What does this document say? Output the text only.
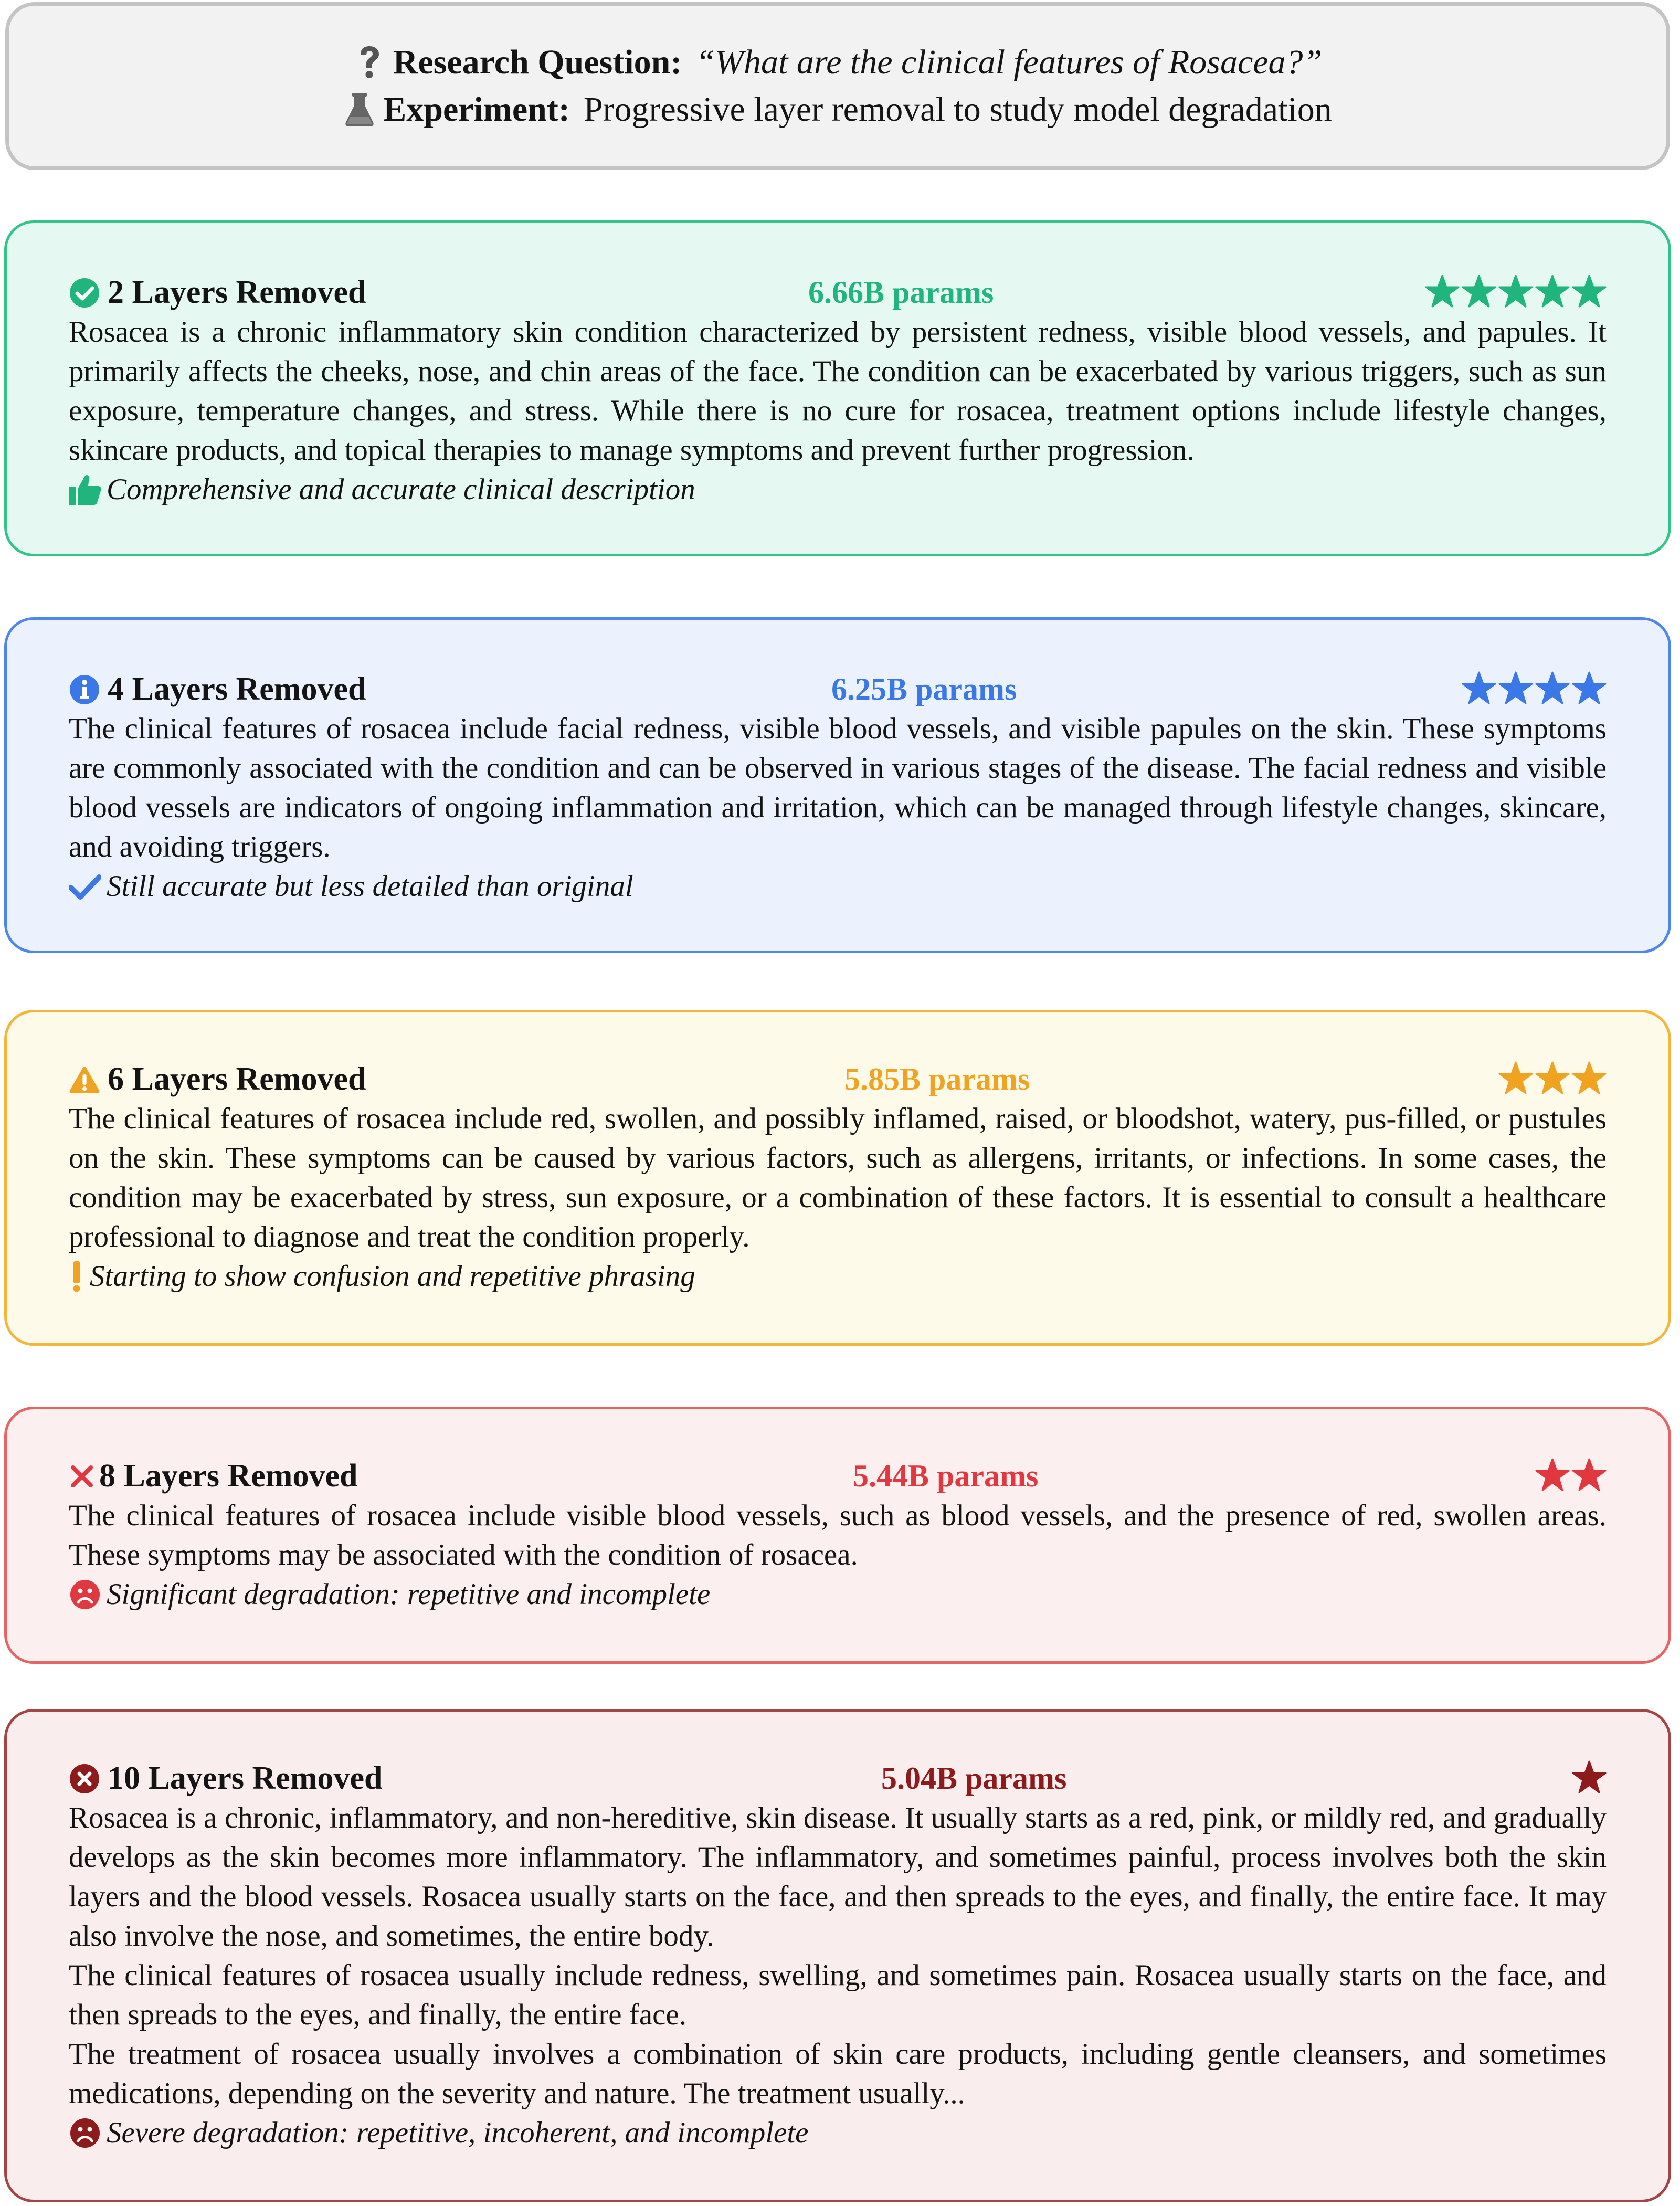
Research Question: “What are the clinical features of Rosacea?”
Experiment: Progressive layer removal to study model degradation
2 Layers Removed	6.66B params

Rosacea is a chronic inflammatory skin condition characterized by persistent redness, visible blood vessels, and papules. It primarily affects the cheeks, nose, and chin areas of the face. The condition can be exacerbated by various triggers, such as sun exposure, temperature changes, and stress. While there is no cure for rosacea, treatment options include lifestyle changes, skincare products, and topical therapies to manage symptoms and prevent further progression.

Comprehensive and accurate clinical description
4 Layers Removed	6.25B params

The clinical features of rosacea include facial redness, visible blood vessels, and visible papules on the skin. These symptoms are commonly associated with the condition and can be observed in various stages of the disease. The facial redness and visible blood vessels are indicators of ongoing inflammation and irritation, which can be managed through lifestyle changes, skincare, and avoiding triggers.

Still accurate but less detailed than original
6 Layers Removed	5.85B params

The clinical features of rosacea include red, swollen, and possibly inflamed, raised, or bloodshot, watery, pus-filled, or pustules on the skin. These symptoms can be caused by various factors, such as allergens, irritants, or infections. In some cases, the condition may be exacerbated by stress, sun exposure, or a combination of these factors. It is essential to consult a healthcare professional to diagnose and treat the condition properly.

Starting to show confusion and repetitive phrasing
8 Layers Removed	5.44B params

The clinical features of rosacea include visible blood vessels, such as blood vessels, and the presence of red, swollen areas. These symptoms may be associated with the condition of rosacea.

Significant degradation: repetitive and incomplete
10 Layers Removed	5.04B params

Rosacea is a chronic, inflammatory, and non-hereditive, skin disease. It usually starts as a red, pink, or mildly red, and gradually develops as the skin becomes more inflammatory. The inflammatory, and sometimes painful, process involves both the skin layers and the blood vessels. Rosacea usually starts on the face, and then spreads to the eyes, and finally, the entire face. It may also involve the nose, and sometimes, the entire body.

The clinical features of rosacea usually include redness, swelling, and sometimes pain. Rosacea usually starts on the face, and then spreads to the eyes, and finally, the entire face.

The treatment of rosacea usually involves a combination of skin care products, including gentle cleansers, and sometimes medications, depending on the severity and nature. The treatment usually...

Severe degradation: repetitive, incoherent, and incomplete
